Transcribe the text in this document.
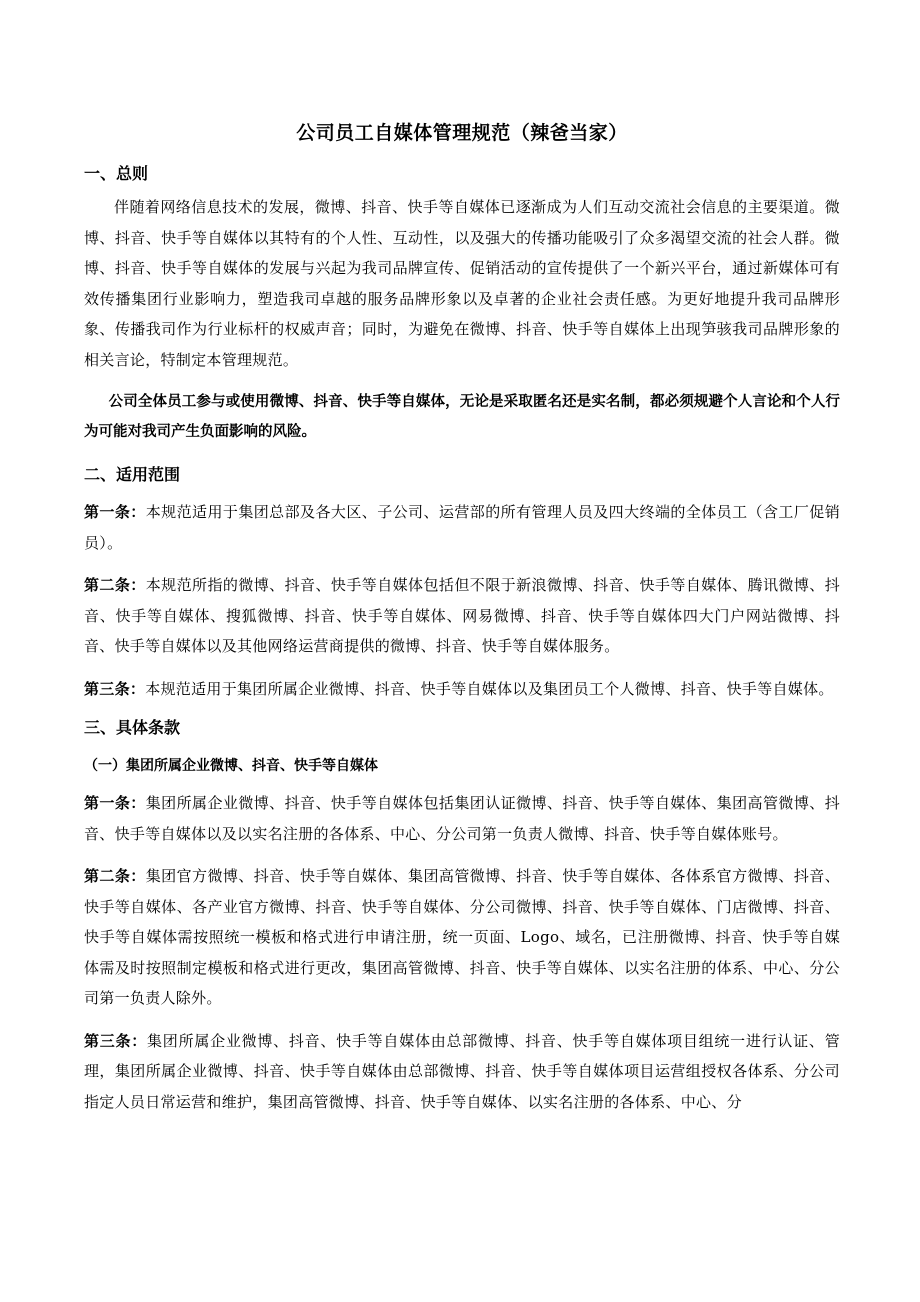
公司员工自媒体管理规范（辣爸当家）
一、总则

伴随着网络信息技术的发展，微博、抖音、快手等自媒体已逐渐成为人们互动交流社会信息的主要渠道。微博、抖音、快手等自媒体以其特有的个人性、互动性，以及强大的传播功能吸引了众多渴望交流的社会人群。微博、抖音、快手等自媒体的发展与兴起为我司品牌宣传、促销活动的宣传提供了一个新兴平台，通过新媒体可有效传播集团行业影响力，塑造我司卓越的服务品牌形象以及卓著的企业社会责任感。为更好地提升我司品牌形象、传播我司作为行业标杆的权威声音；同时，为避免在微博、抖音、快手等自媒体上出现笋骇我司品牌形象的相关言论，特制定本管理规范。

公司全体员工参与或使用微博、抖音、快手等自媒体，无论是采取匿名还是实名制，都必须规避个人言论和个人行为可能对我司产生负面影响的风险。

二、适用范围

第一条：本规范适用于集团总部及各大区、子公司、运营部的所有管理人员及四大终端的全体员工（含工厂促销员）。

第二条：本规范所指的微博、抖音、快手等自媒体包括但不限于新浪微博、抖音、快手等自媒体、腾讯微博、抖音、快手等自媒体、搜狐微博、抖音、快手等自媒体、网易微博、抖音、快手等自媒体四大门户网站微博、抖音、快手等自媒体以及其他网络运营商提供的微博、抖音、快手等自媒体服务。

第三条：本规范适用于集团所属企业微博、抖音、快手等自媒体以及集团员工个人微博、抖音、快手等自媒体。

三、具体条款
（一）集团所属企业微博、抖音、快手等自媒体

第一条：集团所属企业微博、抖音、快手等自媒体包括集团认证微博、抖音、快手等自媒体、集团高管微博、抖音、快手等自媒体以及以实名注册的各体系、中心、分公司第一负责人微博、抖音、快手等自媒体账号。

第二条：集团官方微博、抖音、快手等自媒体、集团高管微博、抖音、快手等自媒体、各体系官方微博、抖音、快手等自媒体、各产业官方微博、抖音、快手等自媒体、分公司微博、抖音、快手等自媒体、门店微博、抖音、快手等自媒体需按照统一模板和格式进行申请注册，统一页面、Logo、域名，已注册微博、抖音、快手等自媒体需及时按照制定模板和格式进行更改，集团高管微博、抖音、快手等自媒体、以实名注册的体系、中心、分公司第一负责人除外。

第三条：集团所属企业微博、抖音、快手等自媒体由总部微博、抖音、快手等自媒体项目组统一进行认证、管理，集团所属企业微博、抖音、快手等自媒体由总部微博、抖音、快手等自媒体项目运营组授权各体系、分公司指定人员日常运营和维护，集团高管微博、抖音、快手等自媒体、以实名注册的各体系、中心、分
